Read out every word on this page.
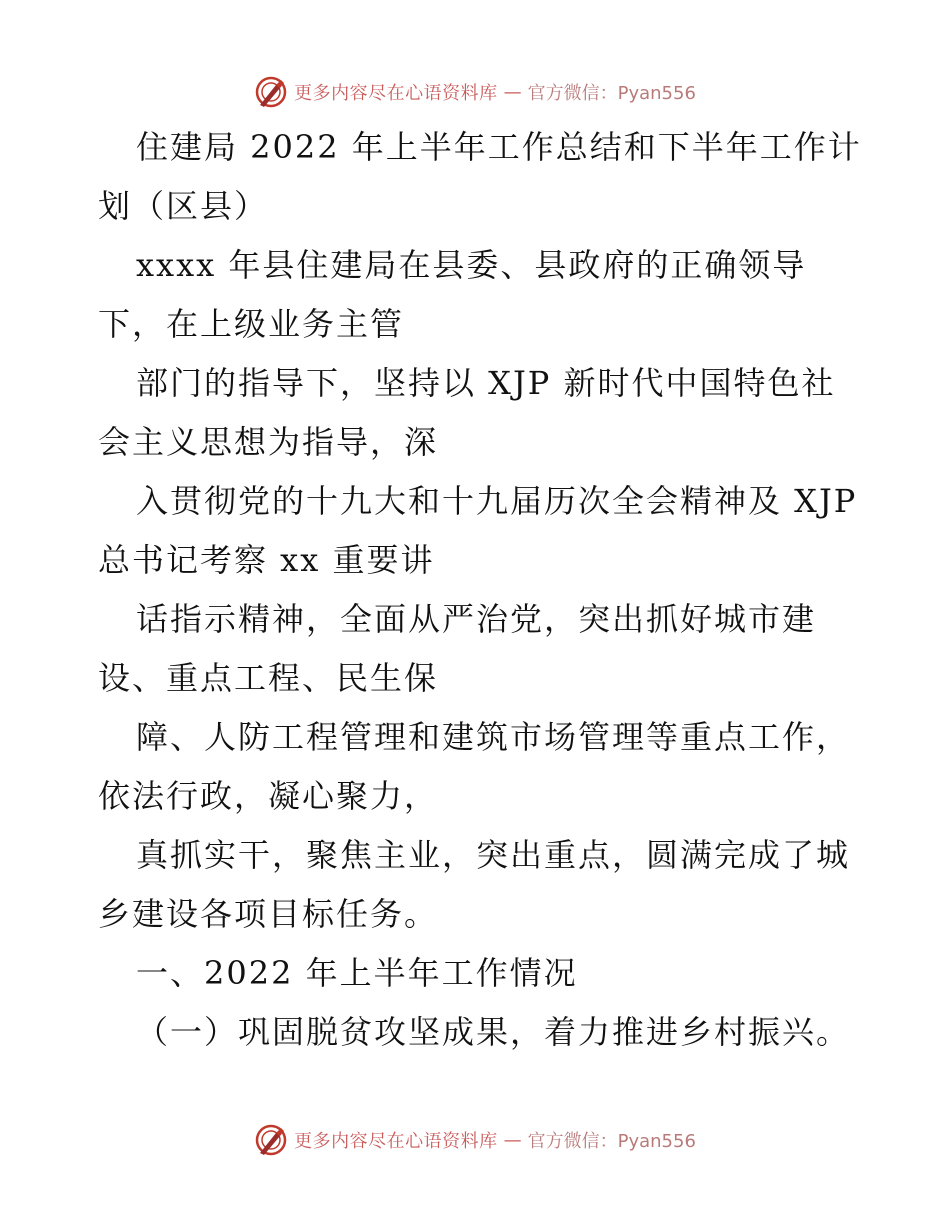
更多内容尽在心语资料库 — 官方微信：Pyan556
住建局 2022 年上半年工作总结和下半年工作计
划（区县）
xxxx 年县住建局在县委、县政府的正确领导
下，在上级业务主管
部门的指导下，坚持以 XJP 新时代中国特色社
会主义思想为指导，深
入贯彻党的十九大和十九届历次全会精神及 XJP
总书记考察 xx 重要讲
话指示精神，全面从严治党，突出抓好城市建
设、重点工程、民生保
障、人防工程管理和建筑市场管理等重点工作，
依法行政，凝心聚力，
真抓实干，聚焦主业，突出重点，圆满完成了城
乡建设各项目标任务。
一、2022 年上半年工作情况
（一）巩固脱贫攻坚成果，着力推进乡村振兴。
更多内容尽在心语资料库 — 官方微信：Pyan556
